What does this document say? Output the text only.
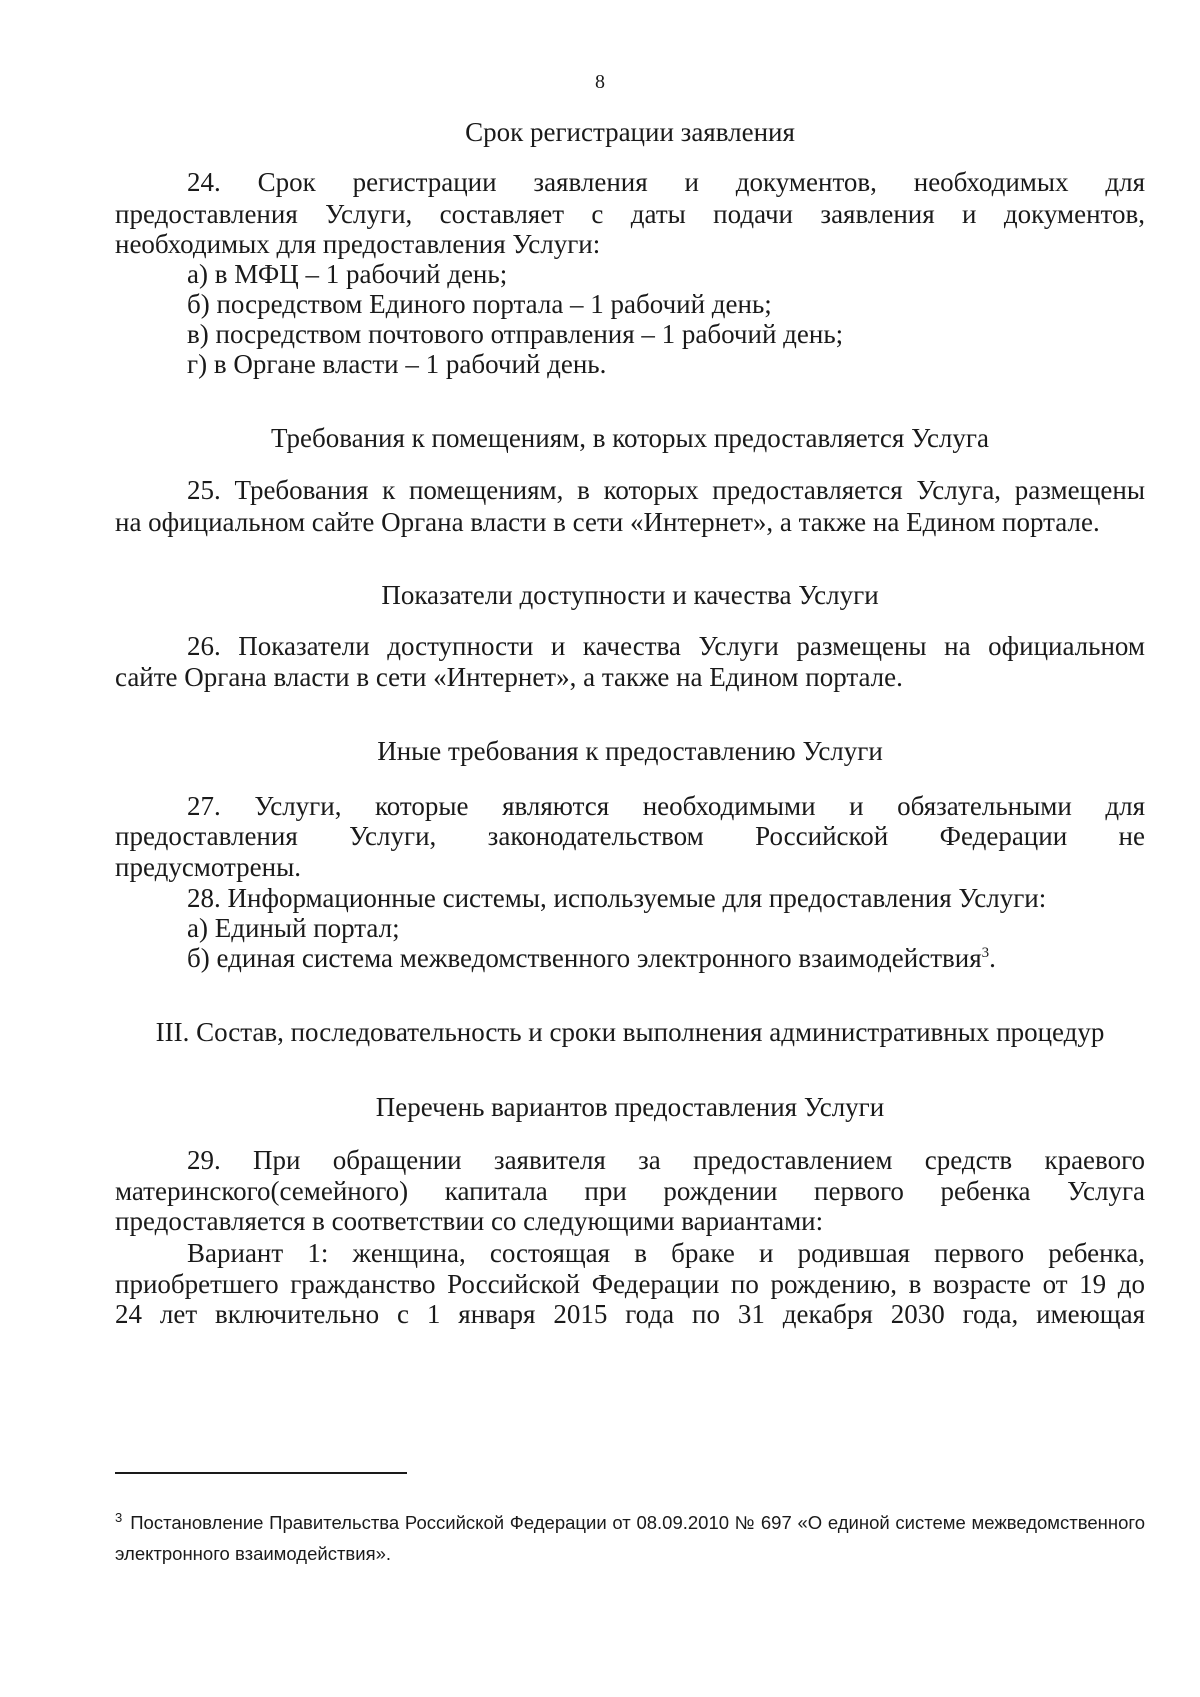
8
Срок регистрации заявления
24. Срок регистрации заявления и документов, необходимых для
предоставления Услуги, составляет с даты подачи заявления и документов,
необходимых для предоставления Услуги:
а) в МФЦ – 1 рабочий день;
б) посредством Единого портала – 1 рабочий день;
в) посредством почтового отправления – 1 рабочий день;
г) в Органе власти – 1 рабочий день.
Требования к помещениям, в которых предоставляется Услуга
25. Требования к помещениям, в которых предоставляется Услуга, размещены
на официальном сайте Органа власти в сети «Интернет», а также на Едином портале.
Показатели доступности и качества Услуги
26. Показатели доступности и качества Услуги размещены на официальном
сайте Органа власти в сети «Интернет», а также на Едином портале.
Иные требования к предоставлению Услуги
27. Услуги, которые являются необходимыми и обязательными для
предоставления Услуги, законодательством Российской Федерации не
предусмотрены.
28. Информационные системы, используемые для предоставления Услуги:
а) Единый портал;
б) единая система межведомственного электронного взаимодействия$^3$.
III. Состав, последовательность и сроки выполнения административных процедур
Перечень вариантов предоставления Услуги
29. При обращении заявителя за предоставлением средств краевого
материнского(семейного) капитала при рождении первого ребенка Услуга
предоставляется в соответствии со следующими вариантами:
Вариант 1: женщина, состоящая в браке и родившая первого ребенка,
приобретшего гражданство Российской Федерации по рождению, в возрасте от 19 до
24 лет включительно с 1 января 2015 года по 31 декабря 2030 года, имеющая
$^3$ Постановление Правительства Российской Федерации от 08.09.2010 № 697 «О единой системе межведомственного электронного взаимодействия».
